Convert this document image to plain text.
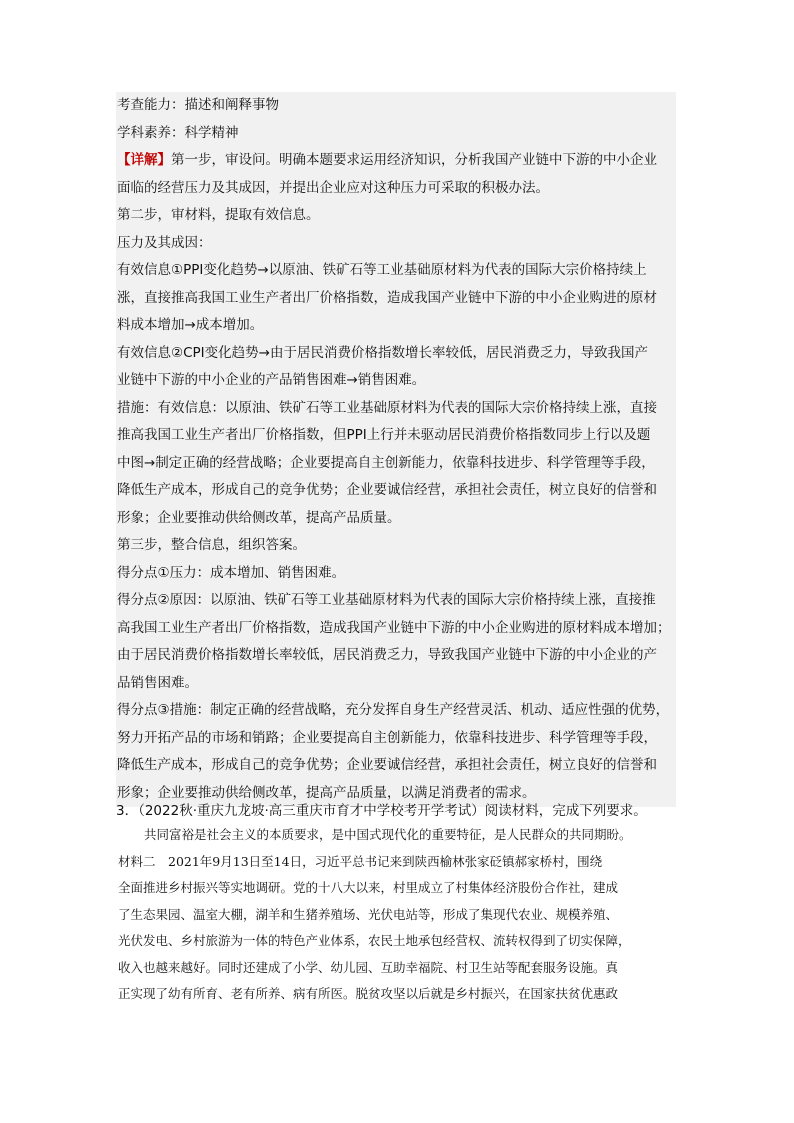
考查能力：描述和阐释事物
学科素养：科学精神
【详解】第一步，审设问。明确本题要求运用经济知识，分析我国产业链中下游的中小企业
面临的经营压力及其成因，并提出企业应对这种压力可采取的积极办法。
第二步，审材料，提取有效信息。
压力及其成因：
有效信息①PPI变化趋势→以原油、铁矿石等工业基础原材料为代表的国际大宗价格持续上
涨，直接推高我国工业生产者出厂价格指数，造成我国产业链中下游的中小企业购进的原材
料成本增加→成本增加。
有效信息②CPI变化趋势→由于居民消费价格指数增长率较低，居民消费乏力，导致我国产
业链中下游的中小企业的产品销售困难→销售困难。
措施：有效信息：以原油、铁矿石等工业基础原材料为代表的国际大宗价格持续上涨，直接
推高我国工业生产者出厂价格指数，但PPI上行并未驱动居民消费价格指数同步上行以及题
中图→制定正确的经营战略；企业要提高自主创新能力，依靠科技进步、科学管理等手段，
降低生产成本，形成自己的竞争优势；企业要诚信经营，承担社会责任，树立良好的信誉和
形象；企业要推动供给侧改革，提高产品质量。
第三步，整合信息，组织答案。
得分点①压力：成本增加、销售困难。
得分点②原因：以原油、铁矿石等工业基础原材料为代表的国际大宗价格持续上涨，直接推
高我国工业生产者出厂价格指数，造成我国产业链中下游的中小企业购进的原材料成本增加；
由于居民消费价格指数增长率较低，居民消费乏力，导致我国产业链中下游的中小企业的产
品销售困难。
得分点③措施：制定正确的经营战略，充分发挥自身生产经营灵活、机动、适应性强的优势，
努力开拓产品的市场和销路；企业要提高自主创新能力，依靠科技进步、科学管理等手段，
降低生产成本，形成自己的竞争优势；企业要诚信经营，承担社会责任，树立良好的信誉和
形象；企业要推动供给侧改革，提高产品质量，以满足消费者的需求。
3．（2022秋·重庆九龙坡·高三重庆市育才中学校考开学考试）阅读材料，完成下列要求。
共同富裕是社会主义的本质要求，是中国式现代化的重要特征，是人民群众的共同期盼。
材料二　2021年9月13日至14日，习近平总书记来到陕西榆林张家砭镇郝家桥村，围绕
全面推进乡村振兴等实地调研。党的十八大以来，村里成立了村集体经济股份合作社，建成
了生态果园、温室大棚，湖羊和生猪养殖场、光伏电站等，形成了集现代农业、规模养殖、
光伏发电、乡村旅游为一体的特色产业体系，农民土地承包经营权、流转权得到了切实保障，
收入也越来越好。同时还建成了小学、幼儿园、互助幸福院、村卫生站等配套服务设施。真
正实现了幼有所育、老有所养、病有所医。脱贫攻坚以后就是乡村振兴，在国家扶贫优惠政
